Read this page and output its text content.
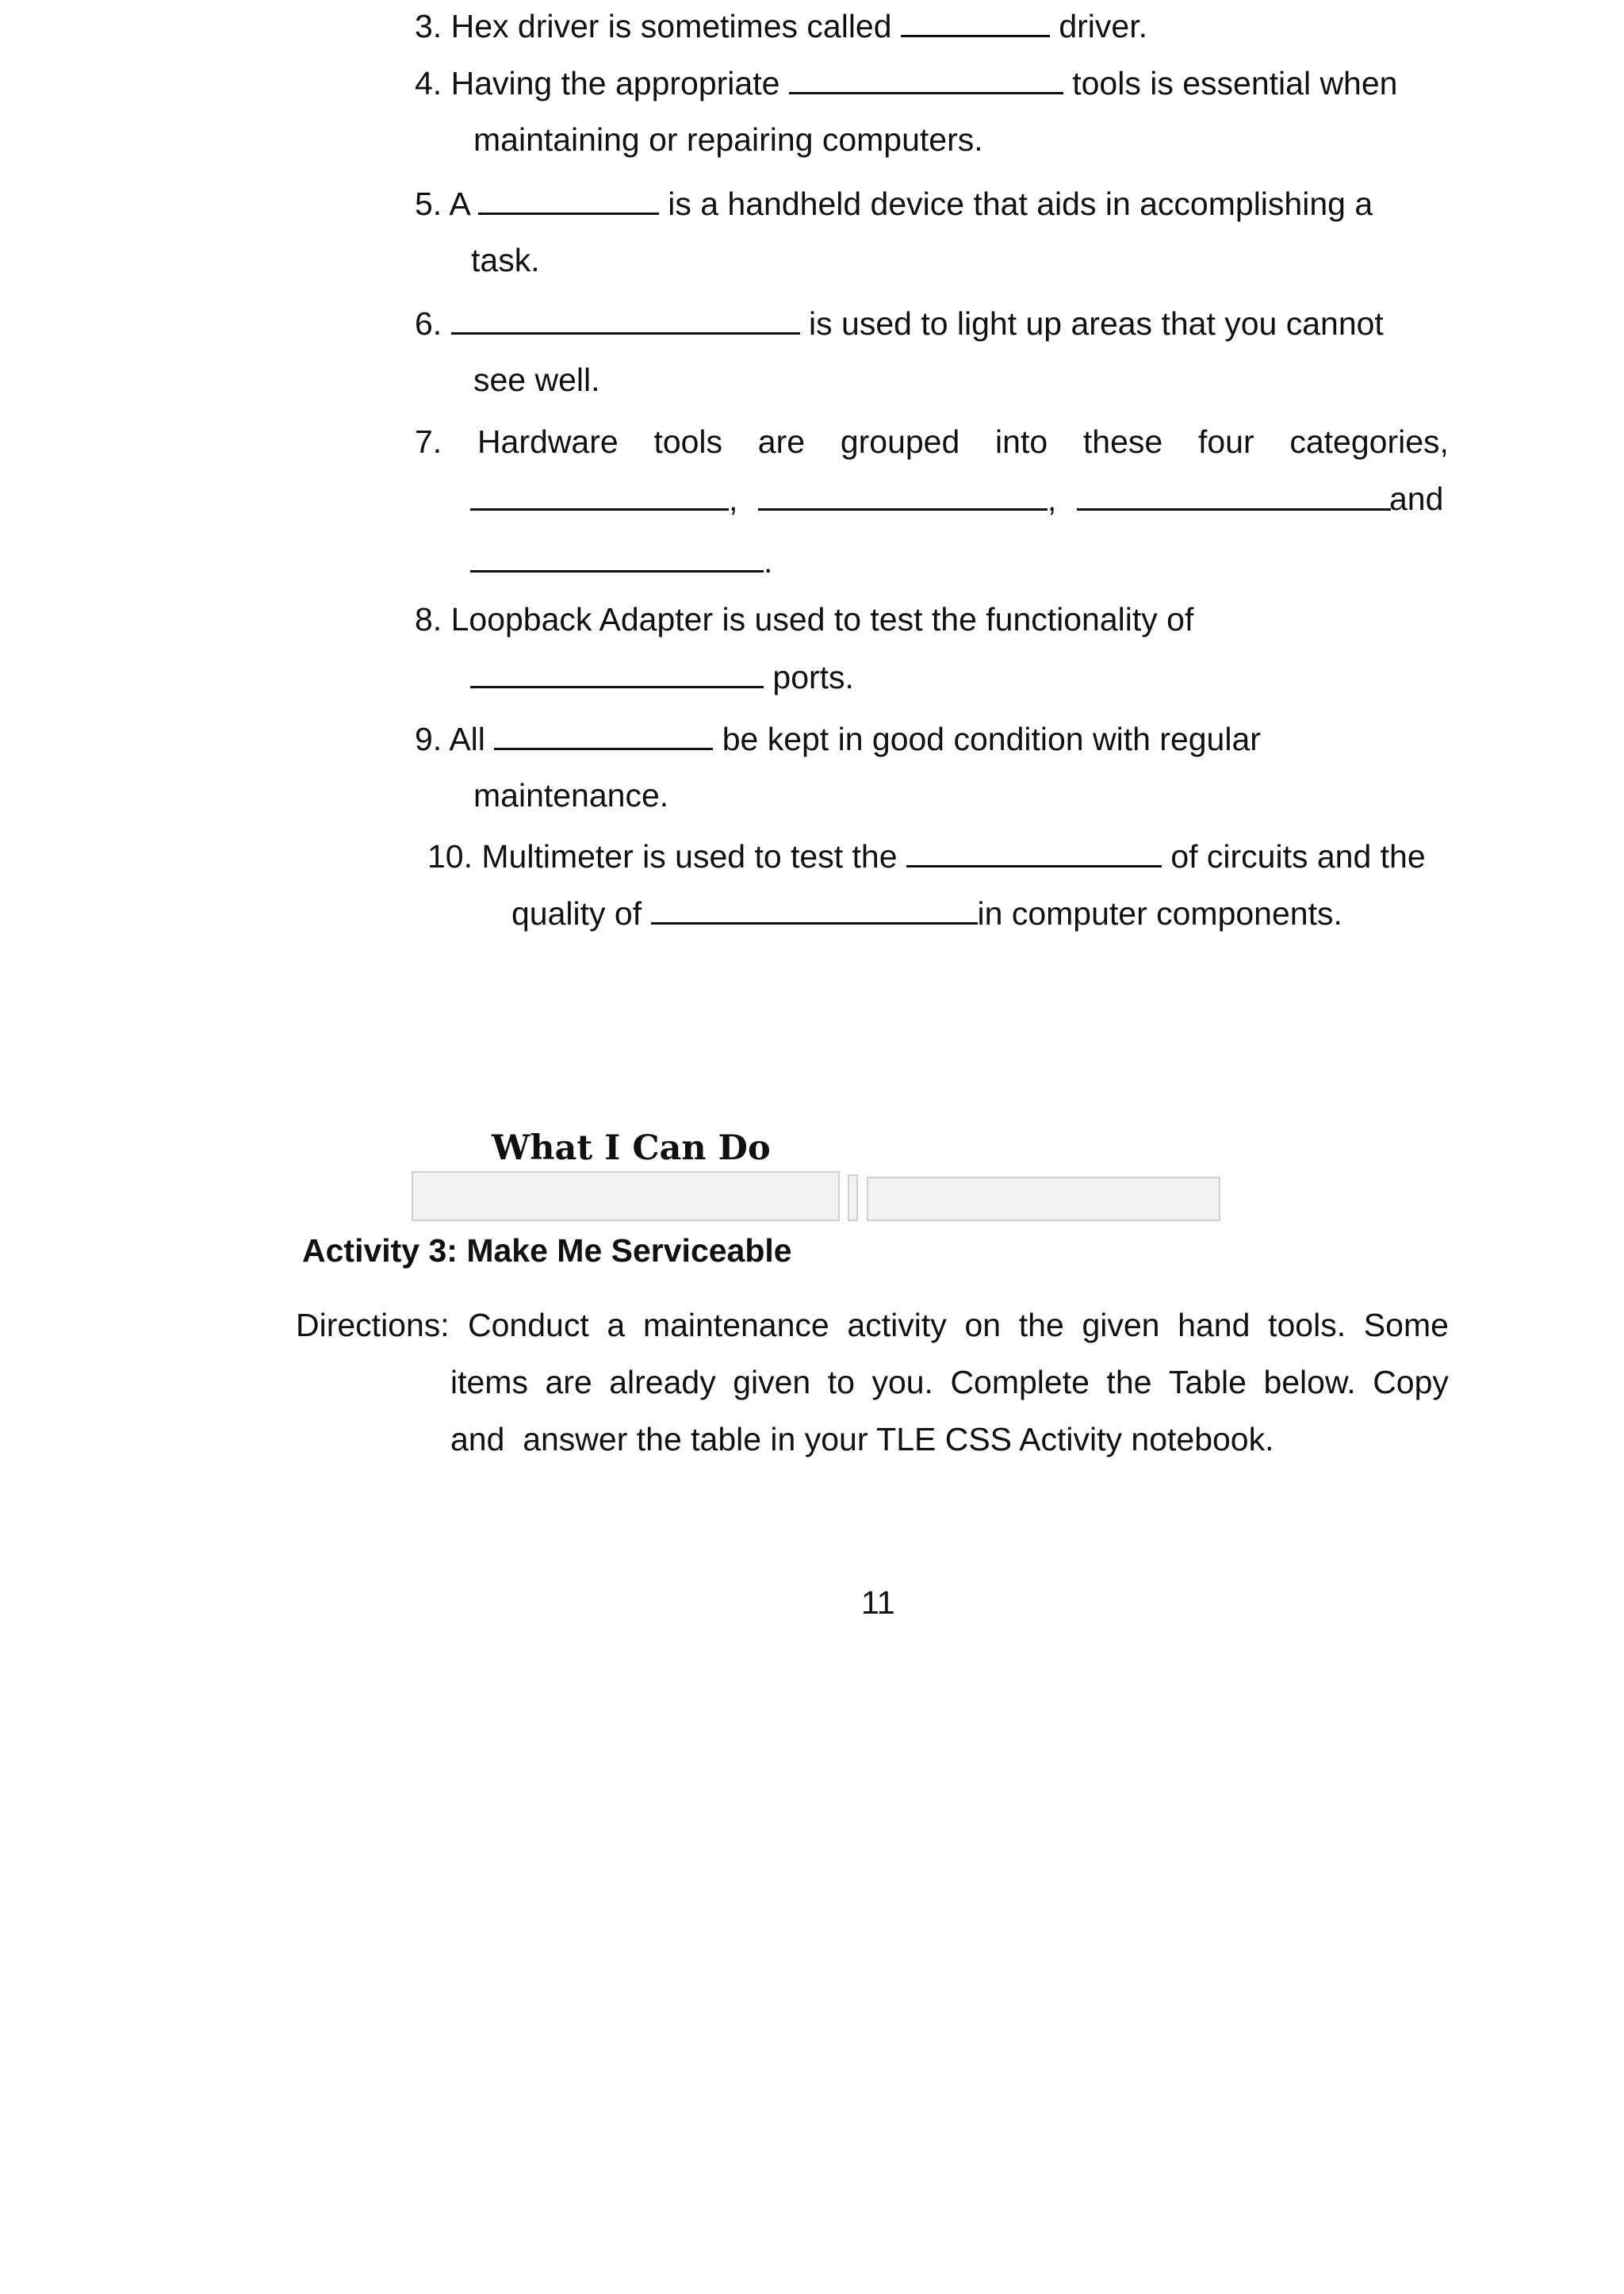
3. Hex driver is sometimes called	driver.
4. Having the appropriate	tools is essential when
maintaining or repairing computers.
5. A	is a handheld device that aids in accomplishing a
task.
6.	is used to light up areas that you cannot
see well.
7. Hardware tools are grouped into these four categories,
,	,	and
.
8. Loopback Adapter is used to test the functionality of
ports.
9. All	be kept in good condition with regular
maintenance.
10. Multimeter is used to test the	of circuits and the
quality of	in computer components.
What I Can Do
Activity 3: Make Me Serviceable
Directions: Conduct a maintenance activity on the given hand tools. Some
items are already given to you. Complete the Table below. Copy
and  answer the table in your TLE CSS Activity notebook.
11
